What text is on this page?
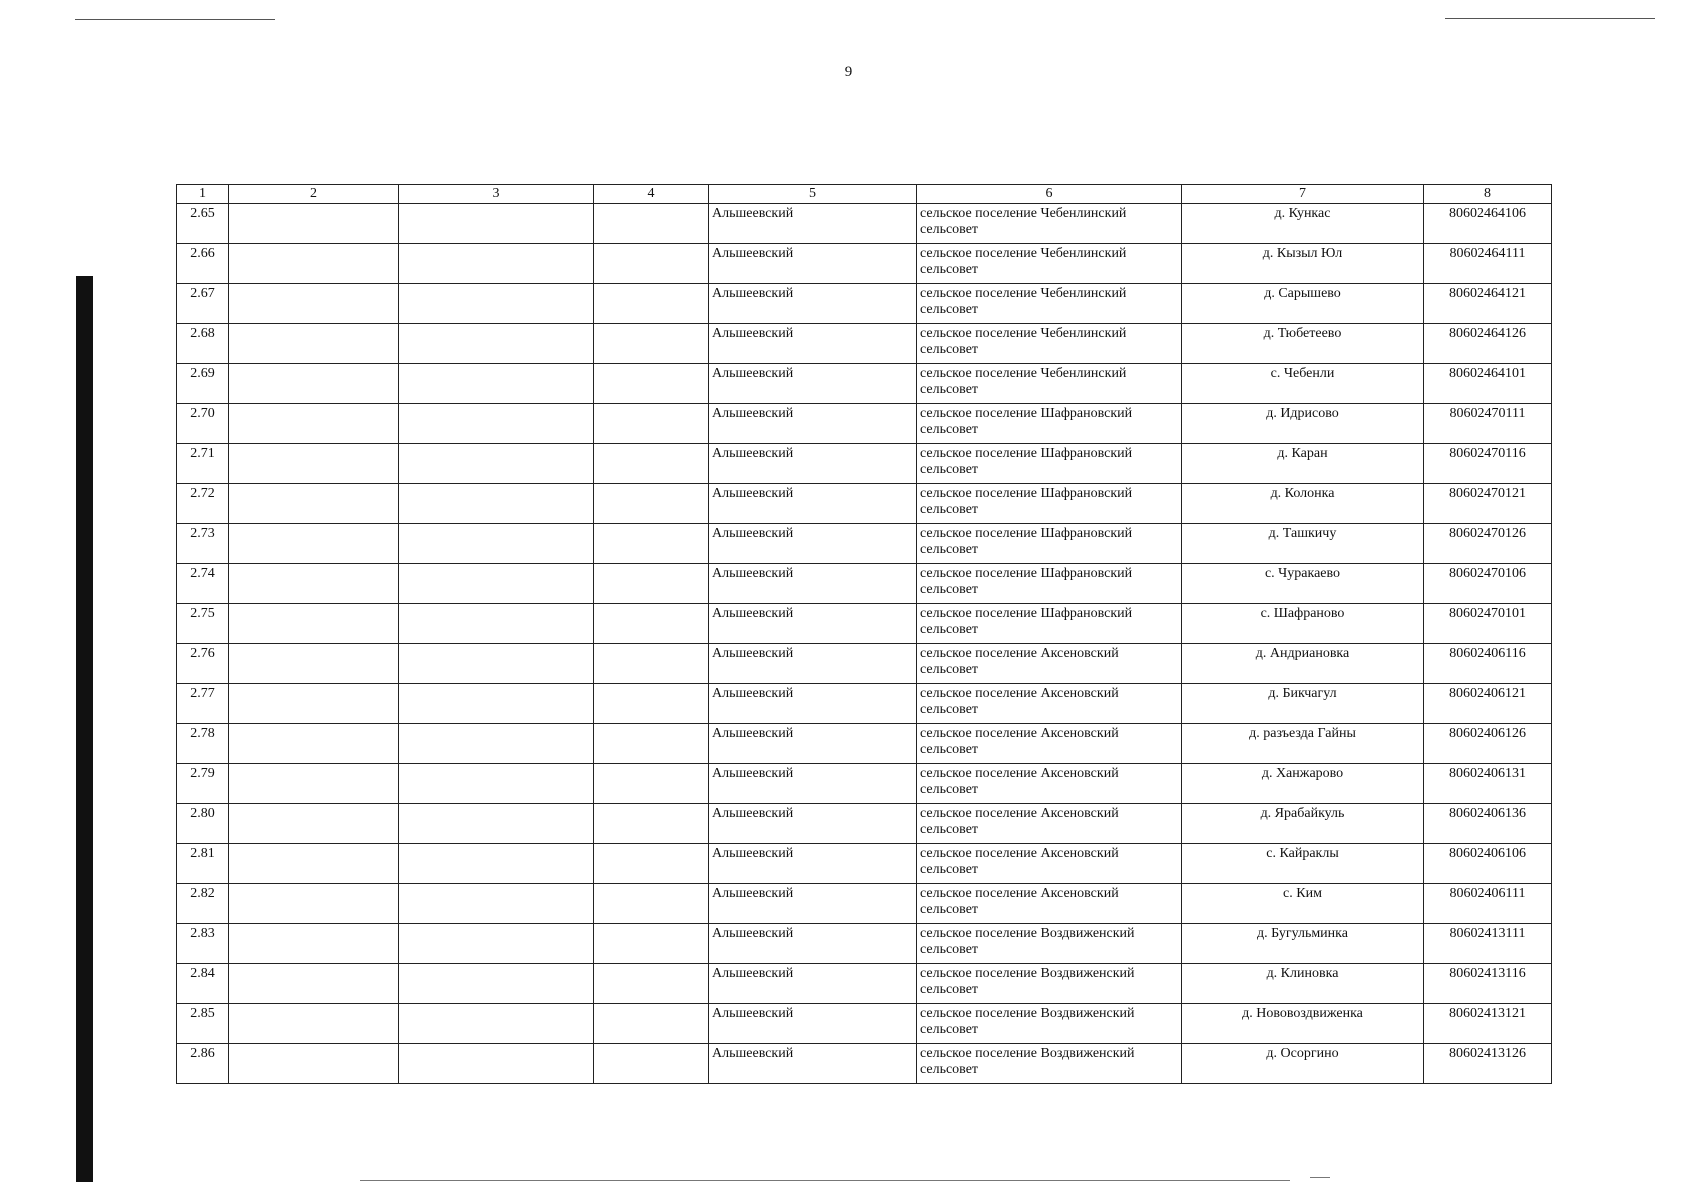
9
1	2	3	4	5	6	7	8
2.65				Альшеевский	сельское поселение Чебенлинский сельсовет	д. Кункас	80602464106
2.66				Альшеевский	сельское поселение Чебенлинский сельсовет	д. Кызыл Юл	80602464111
2.67				Альшеевский	сельское поселение Чебенлинский сельсовет	д. Сарышево	80602464121
2.68				Альшеевский	сельское поселение Чебенлинский сельсовет	д. Тюбетеево	80602464126
2.69				Альшеевский	сельское поселение Чебенлинский сельсовет	с. Чебенли	80602464101
2.70				Альшеевский	сельское поселение Шафрановский сельсовет	д. Идрисово	80602470111
2.71				Альшеевский	сельское поселение Шафрановский сельсовет	д. Каран	80602470116
2.72				Альшеевский	сельское поселение Шафрановский сельсовет	д. Колонка	80602470121
2.73				Альшеевский	сельское поселение Шафрановский сельсовет	д. Ташкичу	80602470126
2.74				Альшеевский	сельское поселение Шафрановский сельсовет	с. Чуракаево	80602470106
2.75				Альшеевский	сельское поселение Шафрановский сельсовет	с. Шафраново	80602470101
2.76				Альшеевский	сельское поселение Аксеновский сельсовет	д. Андриановка	80602406116
2.77				Альшеевский	сельское поселение Аксеновский сельсовет	д. Бикчагул	80602406121
2.78				Альшеевский	сельское поселение Аксеновский сельсовет	д. разъезда Гайны	80602406126
2.79				Альшеевский	сельское поселение Аксеновский сельсовет	д. Ханжарово	80602406131
2.80				Альшеевский	сельское поселение Аксеновский сельсовет	д. Ярабайкуль	80602406136
2.81				Альшеевский	сельское поселение Аксеновский сельсовет	с. Кайраклы	80602406106
2.82				Альшеевский	сельское поселение Аксеновский сельсовет	с. Ким	80602406111
2.83				Альшеевский	сельское поселение Воздвиженский сельсовет	д. Бугульминка	80602413111
2.84				Альшеевский	сельское поселение Воздвиженский сельсовет	д. Клиновка	80602413116
2.85				Альшеевский	сельское поселение Воздвиженский сельсовет	д. Нововоздвиженка	80602413121
2.86				Альшеевский	сельское поселение Воздвиженский сельсовет	д. Осоргино	80602413126
